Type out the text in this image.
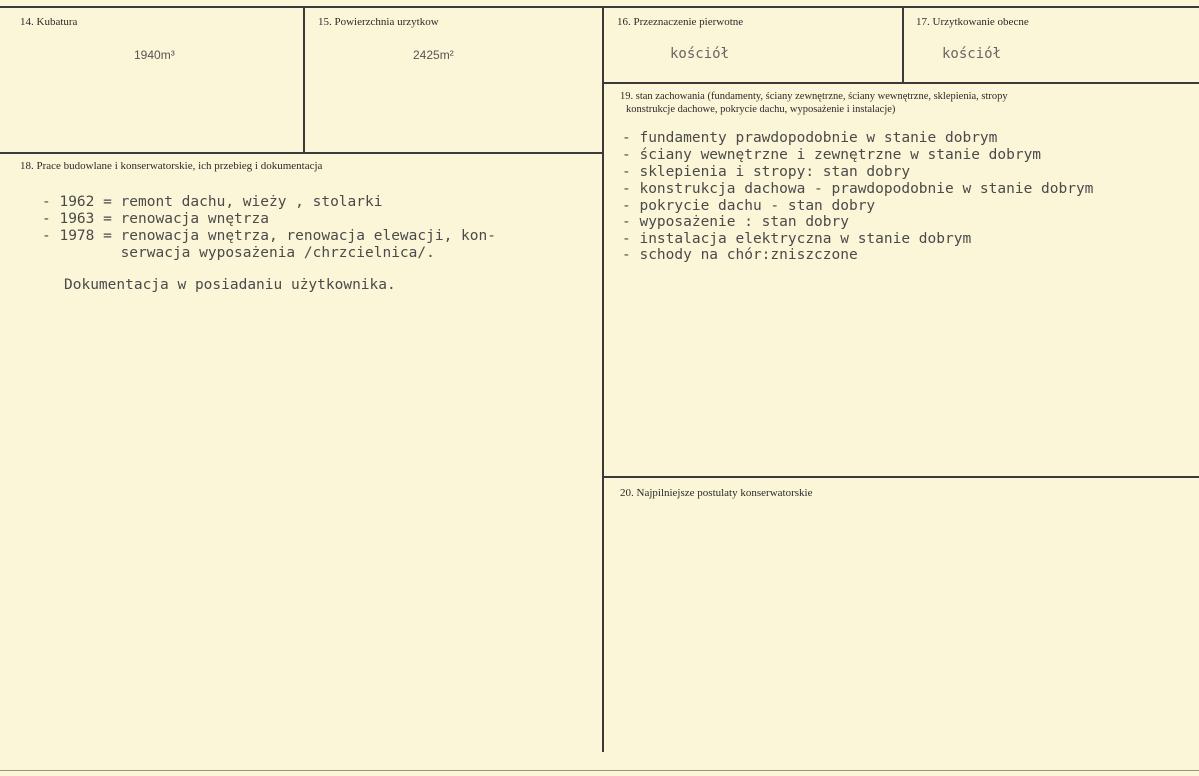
14. Kubatura
1940m³
15. Powierzchnia urzytkow
2425m²
16. Przeznaczenie pierwotne
kościół
17. Urzytkowanie obecne
kościół
18. Prace budowlane i konserwatorskie, ich przebieg i dokumentacja
- 1962 = remont dachu, wieży , stolarki
- 1963 = renowacja wnętrza
- 1978 = renowacja wnętrza, renowacja elewacji, kon-
serwacja wyposażenia /chrzcielnica/.
Dokumentacja w posiadaniu użytkownika.
19. stan zachowania (fundamenty, ściany zewnętrzne, ściany wewnętrzne, sklepienia, stropy
konstrukcje dachowe, pokrycie dachu, wyposażenie i instalacje)
- fundamenty prawdopodobnie w stanie dobrym
- ściany wewnętrzne i zewnętrzne w stanie dobrym
- sklepienia i stropy: stan dobry
- konstrukcja dachowa - prawdopodobnie w stanie dobrym
- pokrycie dachu - stan dobry
- wyposażenie : stan dobry
- instalacja elektryczna w stanie dobrym
- schody na chór:zniszczone
20. Najpilniejsze postulaty konserwatorskie
